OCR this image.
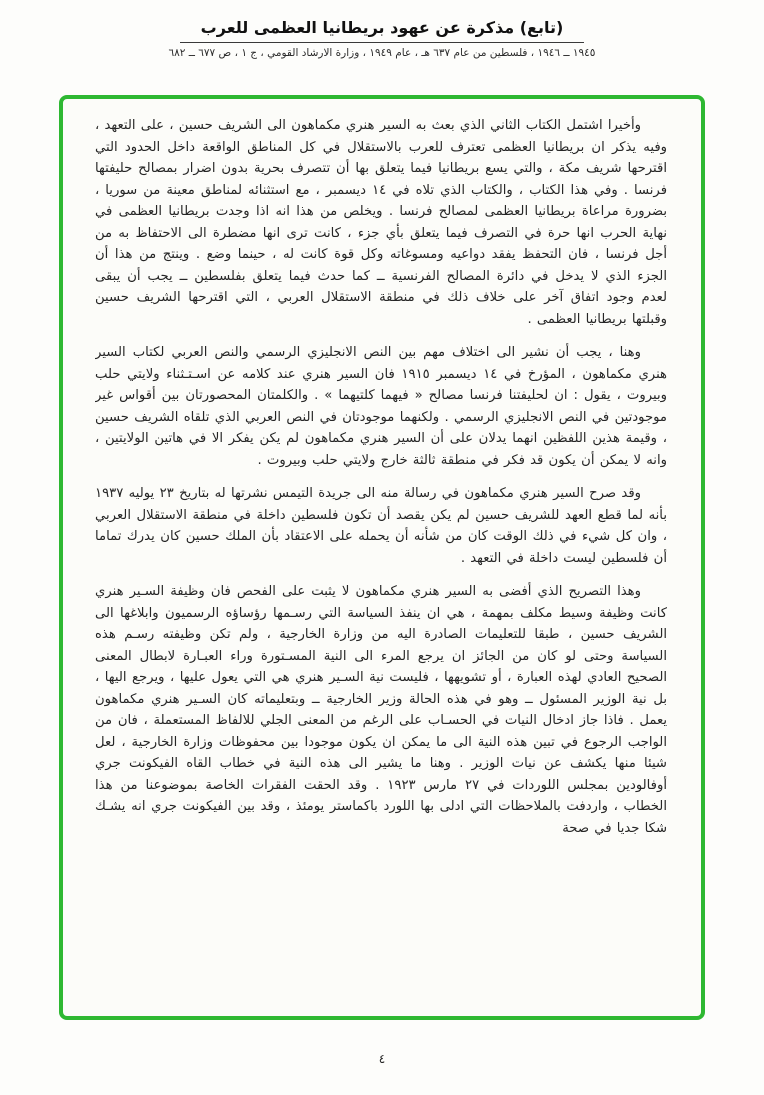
(تابع) مذكرة عن عهود بريطانيا العظمى للعرب
١٩٤٥ ــ ١٩٤٦ ، فلسطين من عام ٦٣٧ هـ ، عام ١٩٤٩ ، وزارة الارشاد القومي ، ج ١ ، ص ٦٧٧ ــ ٦٨٢

وأخيرا اشتمل الكتاب الثاني الذي بعث به السير هنري مكماهون الى الشريف حسين ، على التعهد ، وفيه يذكر ان بريطانيا العظمى تعترف للعرب بالاستقلال في كل المناطق الواقعة داخل الحدود التي اقترحها شريف مكة ، والتي يسع بريطانيا فيما يتعلق بها أن تتصرف بحرية بدون اضرار بمصالح حليفتها فرنسا . وفي هذا الكتاب ، والكتاب الذي تلاه في ١٤ ديسمبر ، مع استثنائه لمناطق معينة من سوريا ، بضرورة مراعاة بريطانيا العظمى لمصالح فرنسا . ويخلص من هذا انه اذا وجدت بريطانيا العظمى في نهاية الحرب انها حرة في التصرف فيما يتعلق بأي جزء ، كانت ترى انها مضطرة الى الاحتفاظ به من أجل فرنسا ، فان التحفظ يفقد دواعيه ومسوغاته وكل قوة كانت له ، حينما وضع . وينتج من هذا أن الجزء الذي لا يدخل في دائرة المصالح الفرنسية ــ كما حدث فيما يتعلق بفلسطين ــ يجب أن يبقى لعدم وجود اتفاق آخر على خلاف ذلك في منطقة الاستقلال العربي ، التي اقترحها الشريف حسين وقبلتها بريطانيا العظمى .

وهنا ، يجب أن نشير الى اختلاف مهم بين النص الانجليزي الرسمي والنص العربي لكتاب السير هنري مكماهون ، المؤرخ في ١٤ ديسمبر ١٩١٥ فان السير هنري عند كلامه عن اسـتـثناء ولايتي حلب وبيروت ، يقول : ان لحليفتنا فرنسا مصالح « فيهما كلتيهما » . والكلمتان المحصورتان بين أقواس غير موجودتين في النص الانجليزي الرسمي . ولكنهما موجودتان في النص العربي الذي تلقاه الشريف حسين ، وقيمة هذين اللفظين انهما يدلان على أن السير هنري مكماهون لم يكن يفكر الا في هاتين الولايتين ، وانه لا يمكن أن يكون قد فكر في منطقة ثالثة خارج ولايتي حلب وبيروت .

وقد صرح السير هنري مكماهون في رسالة منه الى جريدة التيمس نشرتها له بتاريخ ٢٣ يوليه ١٩٣٧ بأنه لما قطع العهد للشريف حسين لم يكن يقصد أن تكون فلسطين داخلة في منطقة الاستقلال العربي ، وان كل شيء في ذلك الوقت كان من شأنه أن يحمله على الاعتقاد بأن الملك حسين كان يدرك تماما أن فلسطين ليست داخلة في التعهد .

وهذا التصريح الذي أفضى به السير هنري مكماهون لا يثبت على الفحص فان وظيفة السـير هنري كانت وظيفة وسيط مكلف بمهمة ، هي ان ينفذ السياسة التي رسـمها رؤساؤه الرسميون وابلاغها الى الشريف حسين ، طبقا للتعليمات الصادرة اليه من وزارة الخارجية ، ولم تكن وظيفته رسـم هذه السياسة وحتى لو كان من الجائز ان يرجع المرء الى النية المسـتورة وراء العبـارة لابطال المعنى الصحيح العادي لهذه العبارة ، أو تشويهها ، فليست نية السـير هنري هي التي يعول عليها ، ويرجع اليها ، بل نية الوزير المسئول ــ وهو في هذه الحالة وزير الخارجية ــ وبتعليماته كان السـير هنري مكماهون يعمل . فاذا جاز ادخال النيات في الحسـاب على الرغم من المعنى الجلي للالفاظ المستعملة ، فان من الواجب الرجوع في تبين هذه النية الى ما يمكن ان يكون موجودا بين محفوظات وزارة الخارجية ، لعل شيئا منها يكشف عن نيات الوزير . وهنا ما يشير الى هذه النية في خطاب القاه الفيكونت جري أوفالودين بمجلس اللوردات في ٢٧ مارس ١٩٢٣ . وقد الحقت الفقرات الخاصة بموضوعنا من هذا الخطاب ، واردفت بالملاحظات التي ادلى بها اللورد باكماستر يومئذ ، وقد بين الفيكونت جري انه يشـك شكا جديا في صحة

٤
